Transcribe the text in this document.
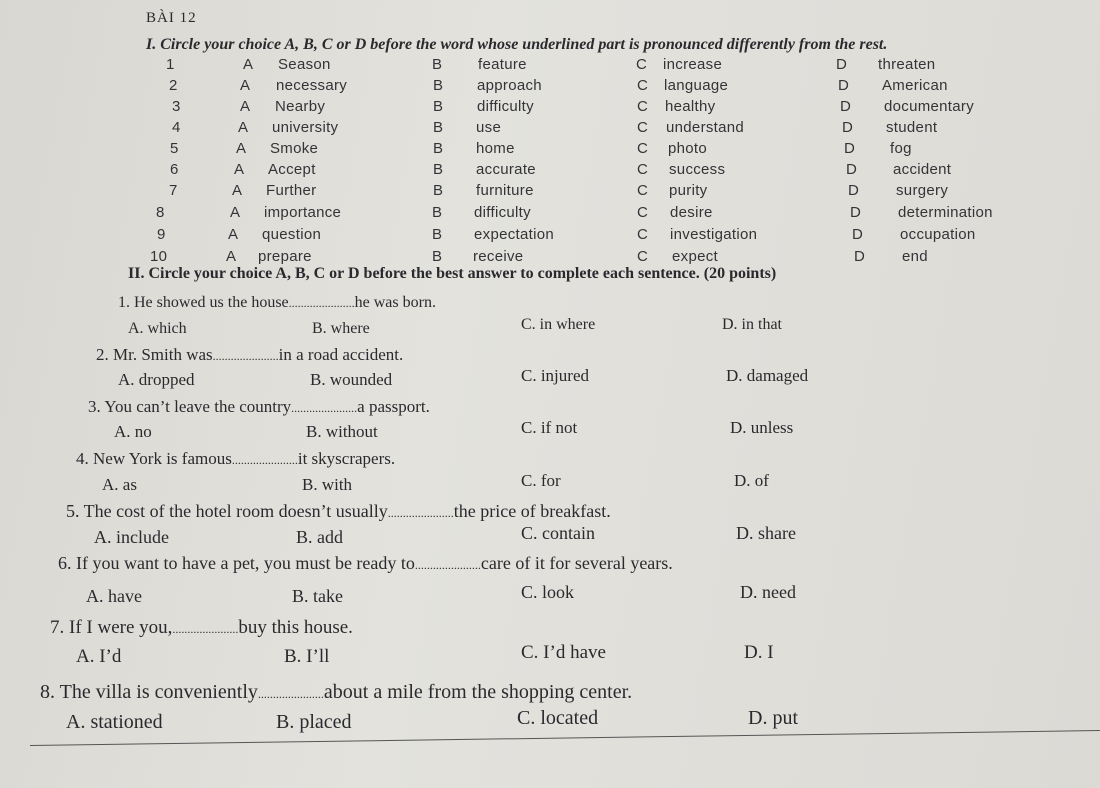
BÀI 12
I. Circle your choice A, B, C or D before the word whose underlined part is pronounced differently from the rest.
1	A Season	B feature	C increase	D threaten
2	A necessary	B approach	C language	D American
3	A Nearby	B difficulty	C healthy	D documentary
4	A university	B use	C understand	D student
5	A Smoke	B home	C photo	D fog
6	A Accept	B accurate	C success	D accident
7	A Further	B furniture	C purity	D surgery
8	A importance	B difficulty	C desire	D determination
9	A question	B expectation	C investigation	D occupation
10	A prepare	B receive	C expect	D end
II. Circle your choice A, B, C or D before the best answer to complete each sentence. (20 points)
1. He showed us the house......................he was born.
A. which	B. where	C. in where	D. in that
2. Mr. Smith was......................in a road accident.
A. dropped	B. wounded	C. injured	D. damaged
3. You can’t leave the country......................a passport.
A. no	B. without	C. if not	D. unless
4. New York is famous......................it skyscrapers.
A. as	B. with	C. for	D. of
5. The cost of the hotel room doesn’t usually......................the price of breakfast.
A. include	B. add	C. contain	D. share
6. If you want to have a pet, you must be ready to......................care of it for several years.
A. have	B. take	C. look	D. need
7. If I were you,......................buy this house.
A. I’d	B. I’ll	C. I’d have	D. I
8. The villa is conveniently......................about a mile from the shopping center.
A. stationed	B. placed	C. located	D. put
